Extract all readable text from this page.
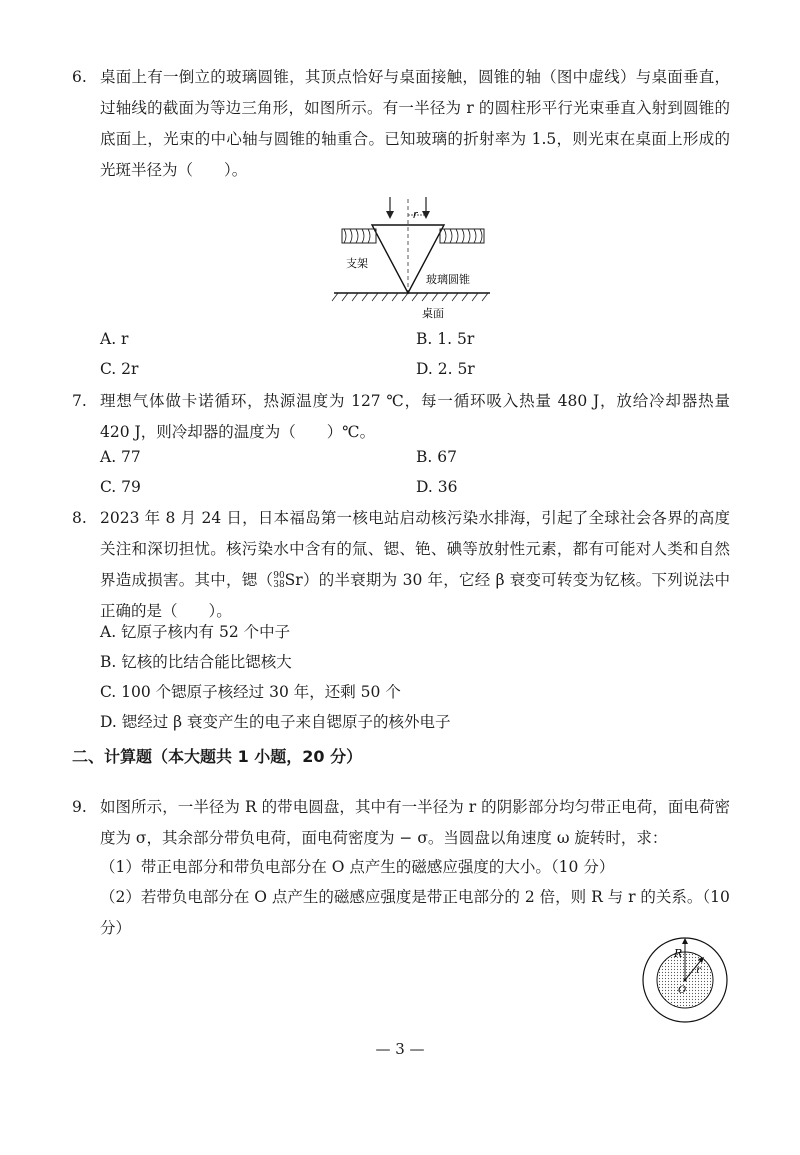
6. 桌面上有一倒立的玻璃圆锥，其顶点恰好与桌面接触，圆锥的轴（图中虚线）与桌面垂直，过轴线的截面为等边三角形，如图所示。有一半径为 r 的圆柱形平行光束垂直入射到圆锥的底面上，光束的中心轴与圆锥的轴重合。已知玻璃的折射率为 1.5，则光束在桌面上形成的光斑半径为（　　）。
r
支架
玻璃圆锥
桌面
A. r	B. 1. 5r
C. 2r	D. 2. 5r
7. 理想气体做卡诺循环，热源温度为 127 ℃，每一循环吸入热量 480 J，放给冷却器热量 420 J，则冷却器的温度为（　　）℃。
A. 77	B. 67
C. 79	D. 36
8. 2023 年 8 月 24 日，日本福岛第一核电站启动核污染水排海，引起了全球社会各界的高度关注和深切担忧。核污染水中含有的氚、锶、铯、碘等放射性元素，都有可能对人类和自然界造成损害。其中，锶（90
38Sr）的半衰期为 30 年，它经 β 衰变可转变为钇核。下列说法中正确的是（　　）。
A. 钇原子核内有 52 个中子
B. 钇核的比结合能比锶核大
C. 100 个锶原子核经过 30 年，还剩 50 个
D. 锶经过 β 衰变产生的电子来自锶原子的核外电子
二、计算题（本大题共 1 小题，20 分）
9. 如图所示，一半径为 R 的带电圆盘，其中有一半径为 r 的阴影部分均匀带正电荷，面电荷密度为 σ，其余部分带负电荷，面电荷密度为 − σ。当圆盘以角速度 ω 旋转时，求：
（1）带正电部分和带负电部分在 O 点产生的磁感应强度的大小。（10 分）
（2）若带负电部分在 O 点产生的磁感应强度是带正电部分的 2 倍，则 R 与 r 的关系。（10 分）
R
r
O
— 3 —
